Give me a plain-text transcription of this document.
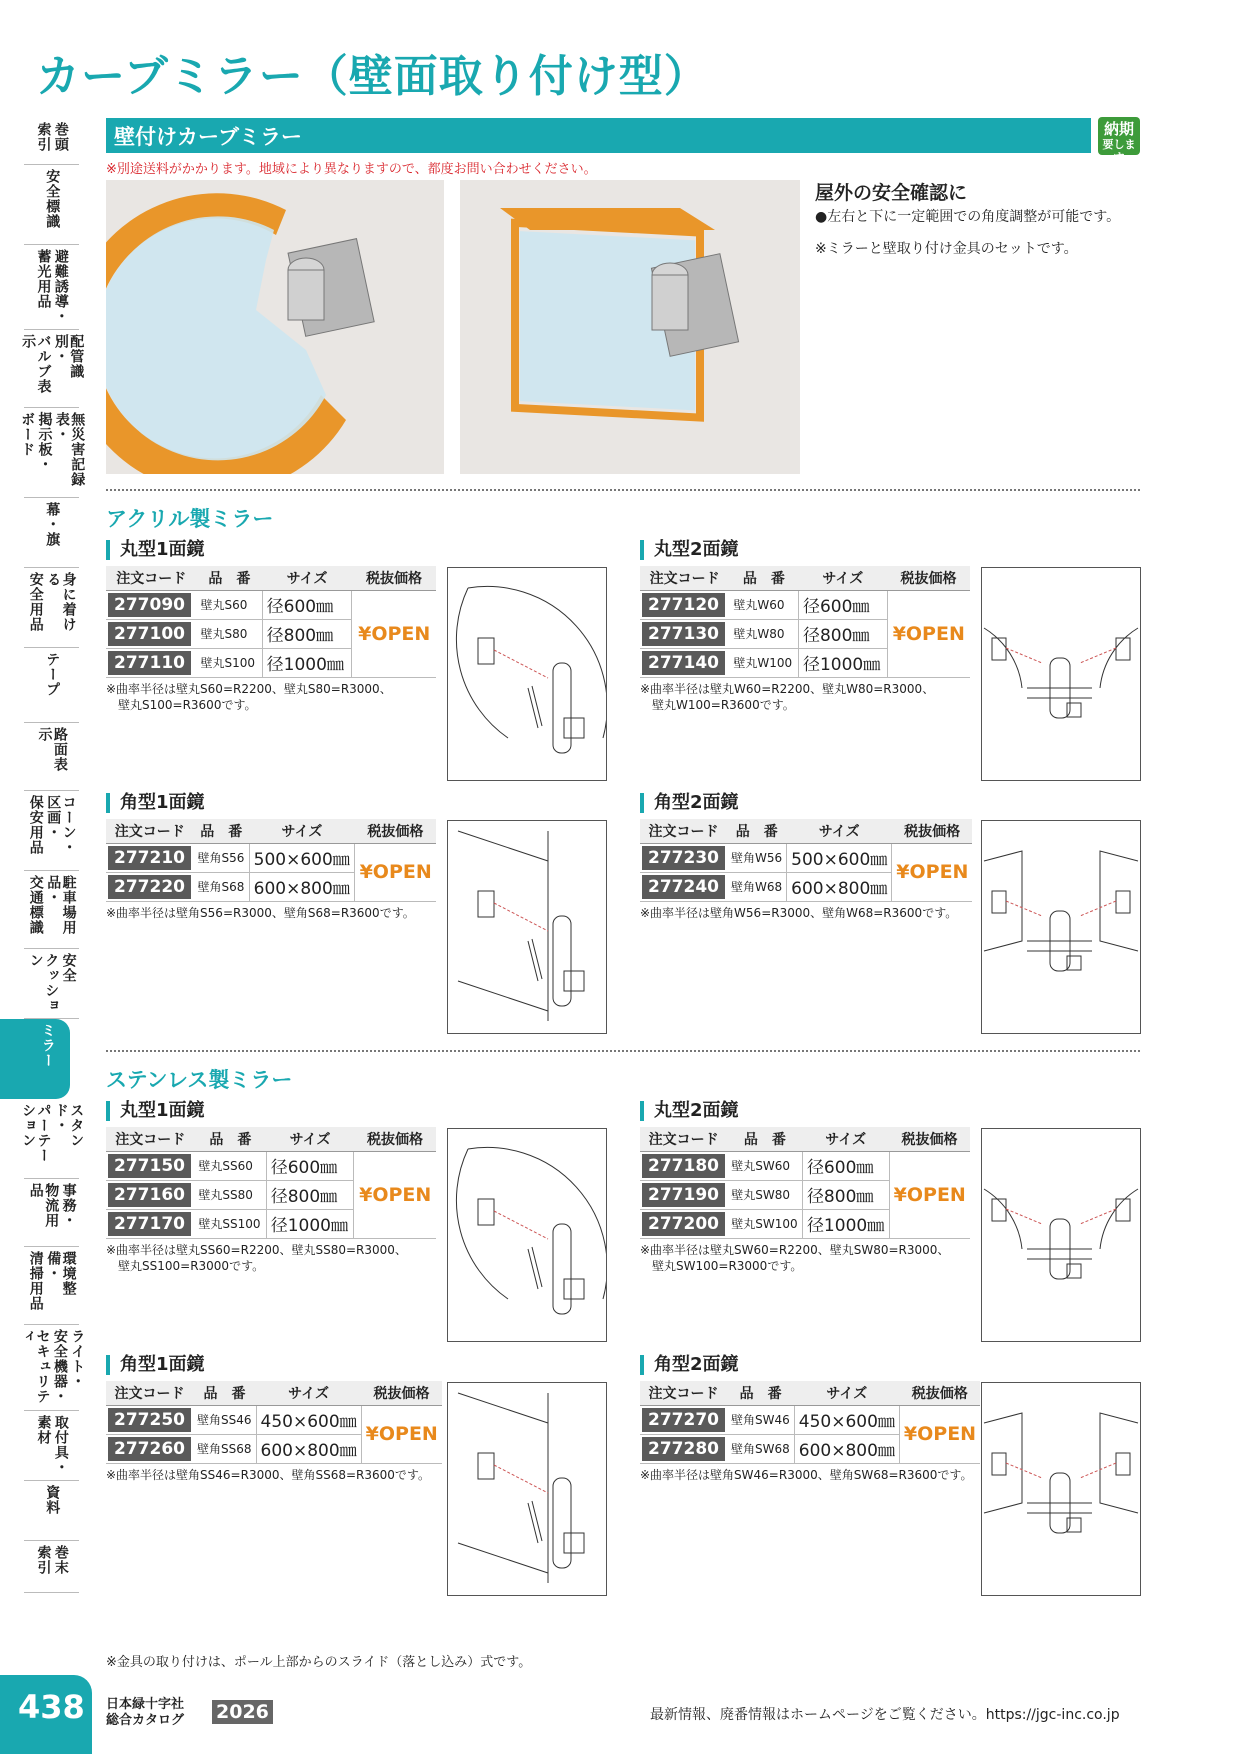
カーブミラー（壁面取り付け型）
巻頭
索引
安全標識
避難誘導・
蓄光用品
配管識別・
バルブ表示
無災害記録表・
掲示板・
ボード
幕・旗
身に着ける
安全用品
テープ
路面表示
コーン・区画・
保安用品
駐車場用品・
交通標識
安全
クッション
ミラー
スタンド・
パーテーション
事務・
物流用品
環境整備・
清掃用品
ライト・
安全機器・
セキュリティ
取付具・
素材
資料
巻末
索引
壁付けカーブミラー	納期
要します
※別途送料がかかります。地域により異なりますので、都度お問い合わせください。
屋外の安全確認に
●左右と下に一定範囲での角度調整が可能です。
※ミラーと壁取り付け金具のセットです。
アクリル製ミラー
ステンレス製ミラー
丸型1面鏡
注文コード	品　番	サイズ	税抜価格
277090	壁丸S60	径600㎜	¥OPEN
277100	壁丸S80	径800㎜	
277110	壁丸S100	径1000㎜	
※曲率半径は壁丸S60=R2200、壁丸S80=R3000、
　壁丸S100=R3600です。
丸型2面鏡
注文コード	品　番	サイズ	税抜価格
277120	壁丸W60	径600㎜	¥OPEN
277130	壁丸W80	径800㎜	
277140	壁丸W100	径1000㎜	
※曲率半径は壁丸W60=R2200、壁丸W80=R3000、
　壁丸W100=R3600です。
角型1面鏡
注文コード	品　番	サイズ	税抜価格
277210	壁角S56	500×600㎜	¥OPEN
277220	壁角S68	600×800㎜	
※曲率半径は壁角S56=R3000、壁角S68=R3600です。
角型2面鏡
注文コード	品　番	サイズ	税抜価格
277230	壁角W56	500×600㎜	¥OPEN
277240	壁角W68	600×800㎜	
※曲率半径は壁角W56=R3000、壁角W68=R3600です。
丸型1面鏡
注文コード	品　番	サイズ	税抜価格
277150	壁丸SS60	径600㎜	¥OPEN
277160	壁丸SS80	径800㎜	
277170	壁丸SS100	径1000㎜	
※曲率半径は壁丸SS60=R2200、壁丸SS80=R3000、
　壁丸SS100=R3000です。
丸型2面鏡
注文コード	品　番	サイズ	税抜価格
277180	壁丸SW60	径600㎜	¥OPEN
277190	壁丸SW80	径800㎜	
277200	壁丸SW100	径1000㎜	
※曲率半径は壁丸SW60=R2200、壁丸SW80=R3000、
　壁丸SW100=R3000です。
角型1面鏡
注文コード	品　番	サイズ	税抜価格
277250	壁角SS46	450×600㎜	¥OPEN
277260	壁角SS68	600×800㎜	
※曲率半径は壁角SS46=R3000、壁角SS68=R3600です。
角型2面鏡
注文コード	品　番	サイズ	税抜価格
277270	壁角SW46	450×600㎜	¥OPEN
277280	壁角SW68	600×800㎜	
※曲率半径は壁角SW46=R3000、壁角SW68=R3600です。
※金具の取り付けは、ポール上部からのスライド（落とし込み）式です。
438 日本緑十字社
総合カタログ 2026	最新情報、廃番情報はホームページをご覧ください。https://jgc-inc.co.jp
